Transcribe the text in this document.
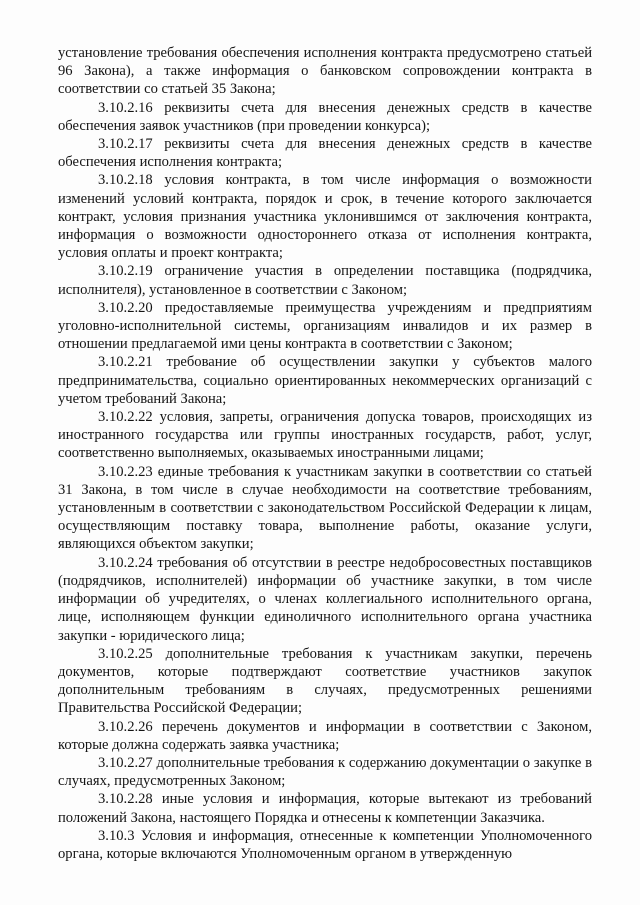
установление требования обеспечения исполнения контракта предусмотрено статьей 96 Закона), а также информация о банковском сопровождении контракта в соответствии со статьей 35 Закона;

3.10.2.16 реквизиты счета для внесения денежных средств в качестве обеспечения заявок участников (при проведении конкурса);

3.10.2.17 реквизиты счета для внесения денежных средств в качестве обеспечения исполнения контракта;

3.10.2.18 условия контракта, в том числе информация о возможности изменений условий контракта, порядок и срок, в течение которого заключается контракт, условия признания участника уклонившимся от заключения контракта, информация о возможности одностороннего отказа от исполнения контракта, условия оплаты и проект контракта;

3.10.2.19 ограничение участия в определении поставщика (подрядчика, исполнителя), установленное в соответствии с Законом;

3.10.2.20 предоставляемые преимущества учреждениям и предприятиям уголовно-исполнительной системы, организациям инвалидов и их размер в отношении предлагаемой ими цены контракта в соответствии с Законом;

3.10.2.21 требование об осуществлении закупки у субъектов малого предпринимательства, социально ориентированных некоммерческих организаций с учетом требований Закона;

3.10.2.22 условия, запреты, ограничения допуска товаров, происходящих из иностранного государства или группы иностранных государств, работ, услуг, соответственно выполняемых, оказываемых иностранными лицами;

3.10.2.23 единые требования к участникам закупки в соответствии со статьей 31 Закона, в том числе в случае необходимости на соответствие требованиям, установленным в соответствии с законодательством Российской Федерации к лицам, осуществляющим поставку товара, выполнение работы, оказание услуги, являющихся объектом закупки;

3.10.2.24 требования об отсутствии в реестре недобросовестных поставщиков (подрядчиков, исполнителей) информации об участнике закупки, в том числе информации об учредителях, о членах коллегиального исполнительного органа, лице, исполняющем функции единоличного исполнительного органа участника закупки - юридического лица;

3.10.2.25 дополнительные требования к участникам закупки, перечень документов, которые подтверждают соответствие участников закупок дополнительным требованиям в случаях, предусмотренных решениями Правительства Российской Федерации;

3.10.2.26 перечень документов и информации в соответствии с Законом, которые должна содержать заявка участника;

3.10.2.27 дополнительные требования к содержанию документации о закупке в случаях, предусмотренных Законом;

3.10.2.28 иные условия и информация, которые вытекают из требований положений Закона, настоящего Порядка и отнесены к компетенции Заказчика.

3.10.3 Условия и информация, отнесенные к компетенции Уполномоченного органа, которые включаются Уполномоченным органом в утвержденную
